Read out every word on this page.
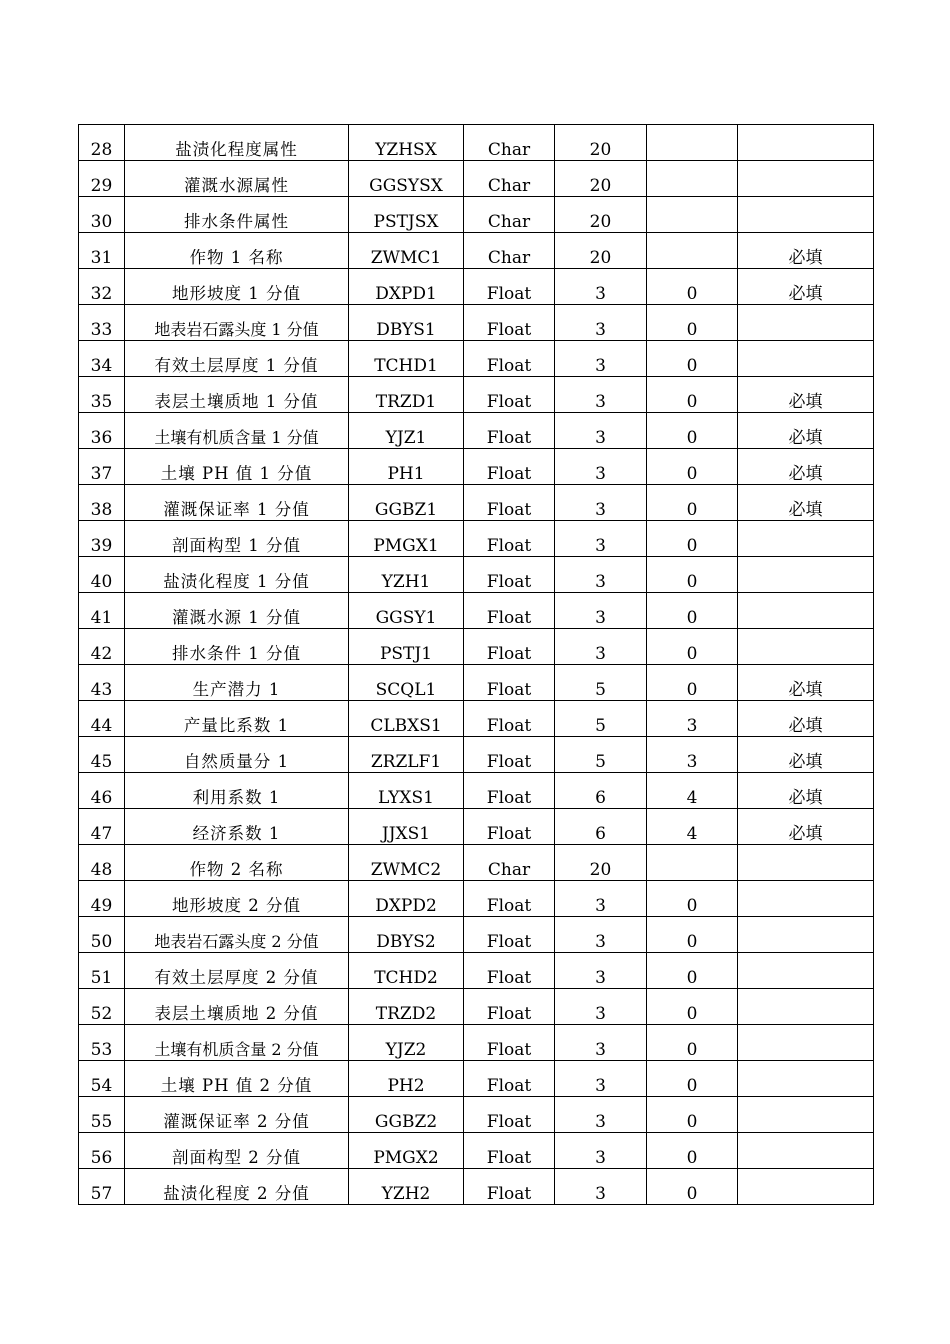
28	盐渍化程度属性	YZHSX	Char	20		
29	灌溉水源属性	GGSYSX	Char	20		
30	排水条件属性	PSTJSX	Char	20		
31	作物 1 名称	ZWMC1	Char	20		必填
32	地形坡度 1 分值	DXPD1	Float	3	0	必填
33	地表岩石露头度 1 分值	DBYS1	Float	3	0	
34	有效土层厚度 1 分值	TCHD1	Float	3	0	
35	表层土壤质地 1 分值	TRZD1	Float	3	0	必填
36	土壤有机质含量 1 分值	YJZ1	Float	3	0	必填
37	土壤 PH 值 1 分值	PH1	Float	3	0	必填
38	灌溉保证率 1 分值	GGBZ1	Float	3	0	必填
39	剖面构型 1 分值	PMGX1	Float	3	0	
40	盐渍化程度 1 分值	YZH1	Float	3	0	
41	灌溉水源 1 分值	GGSY1	Float	3	0	
42	排水条件 1 分值	PSTJ1	Float	3	0	
43	生产潜力 1	SCQL1	Float	5	0	必填
44	产量比系数 1	CLBXS1	Float	5	3	必填
45	自然质量分 1	ZRZLF1	Float	5	3	必填
46	利用系数 1	LYXS1	Float	6	4	必填
47	经济系数 1	JJXS1	Float	6	4	必填
48	作物 2 名称	ZWMC2	Char	20		
49	地形坡度 2 分值	DXPD2	Float	3	0	
50	地表岩石露头度 2 分值	DBYS2	Float	3	0	
51	有效土层厚度 2 分值	TCHD2	Float	3	0	
52	表层土壤质地 2 分值	TRZD2	Float	3	0	
53	土壤有机质含量 2 分值	YJZ2	Float	3	0	
54	土壤 PH 值 2 分值	PH2	Float	3	0	
55	灌溉保证率 2 分值	GGBZ2	Float	3	0	
56	剖面构型 2 分值	PMGX2	Float	3	0	
57	盐渍化程度 2 分值	YZH2	Float	3	0	
